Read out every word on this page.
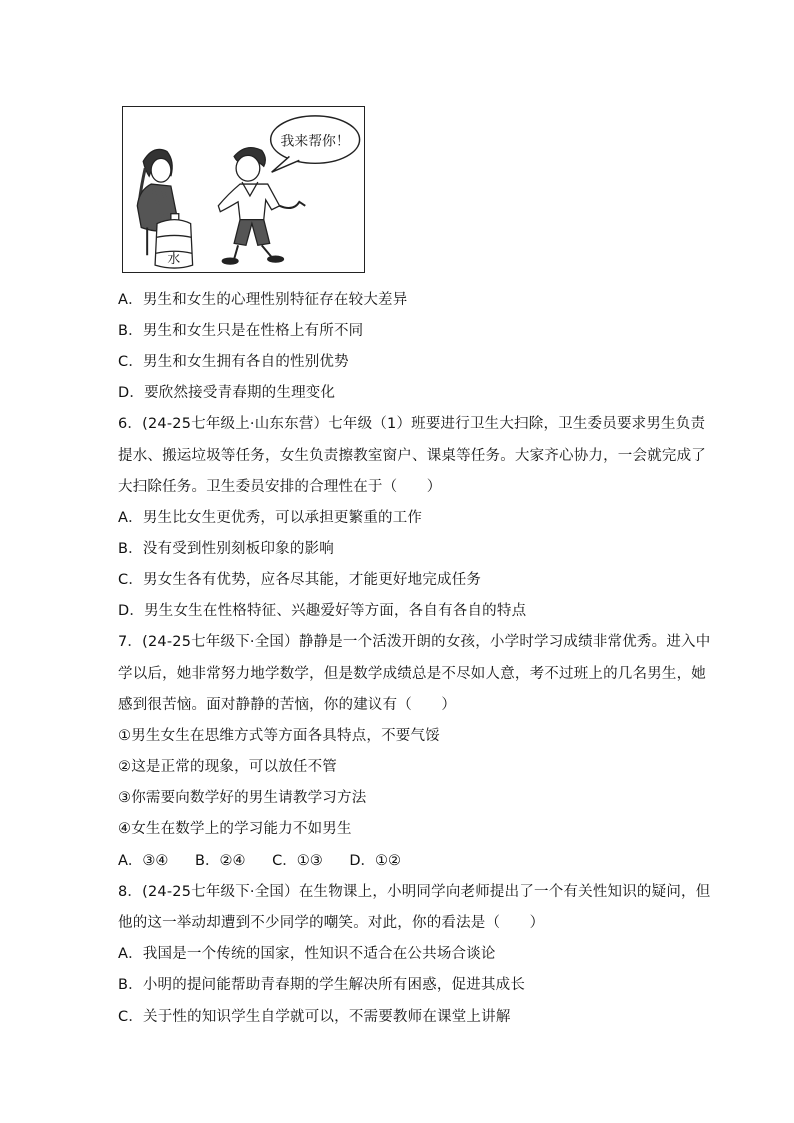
我来帮你！
水
A．男生和女生的心理性别特征存在较大差异
B．男生和女生只是在性格上有所不同
C．男生和女生拥有各自的性别优势
D．要欣然接受青春期的生理变化
6．(24-25七年级上·山东东营）七年级（1）班要进行卫生大扫除，卫生委员要求男生负责
提水、搬运垃圾等任务，女生负责擦教室窗户、课桌等任务。大家齐心协力，一会就完成了
大扫除任务。卫生委员安排的合理性在于（　　）
A．男生比女生更优秀，可以承担更繁重的工作
B．没有受到性别刻板印象的影响
C．男女生各有优势，应各尽其能，才能更好地完成任务
D．男生女生在性格特征、兴趣爱好等方面，各自有各自的特点
7．(24-25七年级下·全国）静静是一个活泼开朗的女孩，小学时学习成绩非常优秀。进入中
学以后，她非常努力地学数学，但是数学成绩总是不尽如人意，考不过班上的几名男生，她
感到很苦恼。面对静静的苦恼，你的建议有（　　）
①男生女生在思维方式等方面各具特点，不要气馁
②这是正常的现象，可以放任不管
③你需要向数学好的男生请教学习方法
④女生在数学上的学习能力不如男生
A．③④ B．②④ C．①③ D．①②
8．(24-25七年级下·全国）在生物课上，小明同学向老师提出了一个有关性知识的疑问，但
他的这一举动却遭到不少同学的嘲笑。对此，你的看法是（　　）
A．我国是一个传统的国家，性知识不适合在公共场合谈论
B．小明的提问能帮助青春期的学生解决所有困惑，促进其成长
C．关于性的知识学生自学就可以，不需要教师在课堂上讲解
